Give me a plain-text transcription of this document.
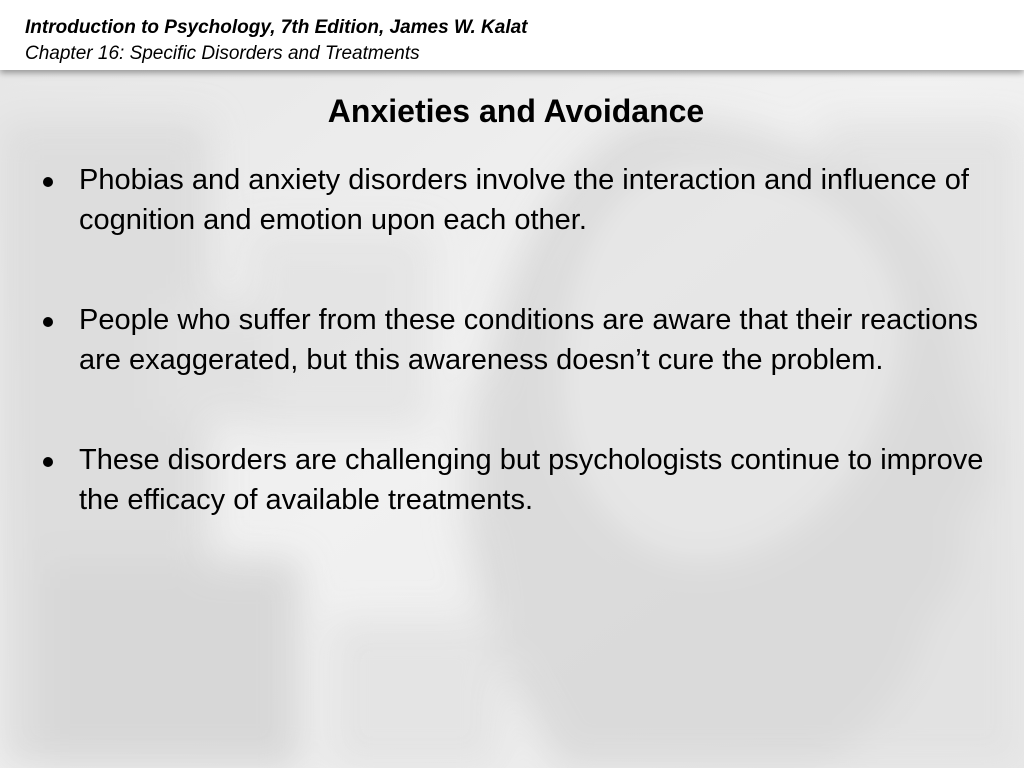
Introduction to Psychology, 7th Edition, James W. Kalat
Chapter 16: Specific Disorders and Treatments
Anxieties and Avoidance
Phobias and anxiety disorders involve the interaction and influence of cognition and emotion upon each other.
People who suffer from these conditions are aware that their reactions are exaggerated, but this awareness doesn’t cure the problem.
These disorders are challenging but psychologists continue to improve the efficacy of available treatments.
